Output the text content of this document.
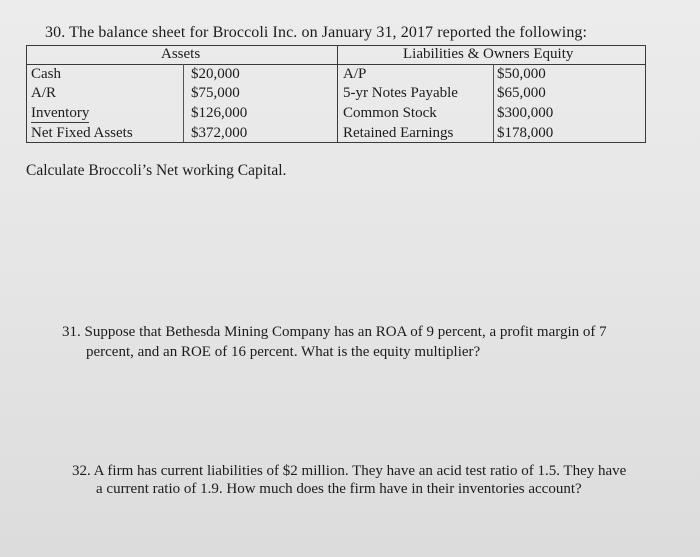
30. The balance sheet for Broccoli Inc. on January 31, 2017 reported the following:
Assets	Liabilities & Owners Equity
Cash
A/R
Inventory
Net Fixed Assets
$20,000
$75,000
$126,000
$372,000
A/P
5-yr Notes Payable
Common Stock
Retained Earnings
$50,000
$65,000
$300,000
$178,000
Calculate Broccoli’s Net working Capital.
31. Suppose that Bethesda Mining Company has an ROA of 9 percent, a profit margin of 7
percent, and an ROE of 16 percent. What is the equity multiplier?
32. A firm has current liabilities of $2 million. They have an acid test ratio of 1.5. They have
a current ratio of 1.9. How much does the firm have in their inventories account?
